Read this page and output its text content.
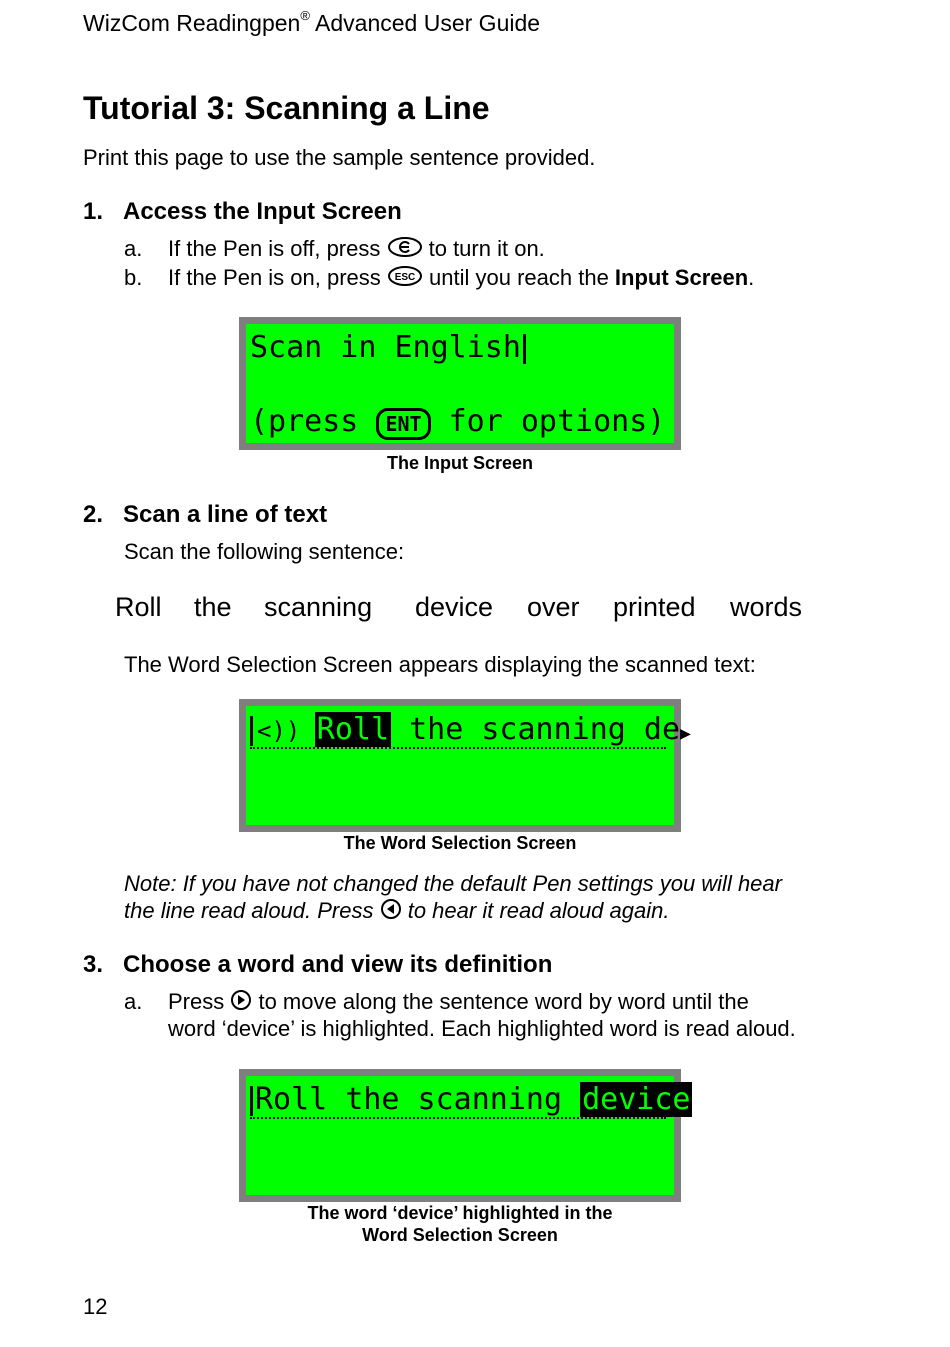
WizCom Readingpen® Advanced User Guide
Tutorial 3: Scanning a Line
Print this page to use the sample sentence provided.
1. Access the Input Screen
a. If the Pen is off, press  to turn it on.
b. If the Pen is on, press ESC until you reach the Input Screen.
Scan in English
(press ENT for options)
The Input Screen
2. Scan a line of text
Scan the following sentence:
Roll the scanning device over printed words
The Word Selection Screen appears displaying the scanned text:
<)) Roll the scanning de▶
The Word Selection Screen
Note: If you have not changed the default Pen settings you will hear
the line read aloud. Press  to hear it read aloud again.
3. Choose a word and view its definition
a. Press  to move along the sentence word by word until the
word ‘device’ is highlighted. Each highlighted word is read aloud.
Roll the scanning device
The word ‘device’ highlighted in the
Word Selection Screen
12
